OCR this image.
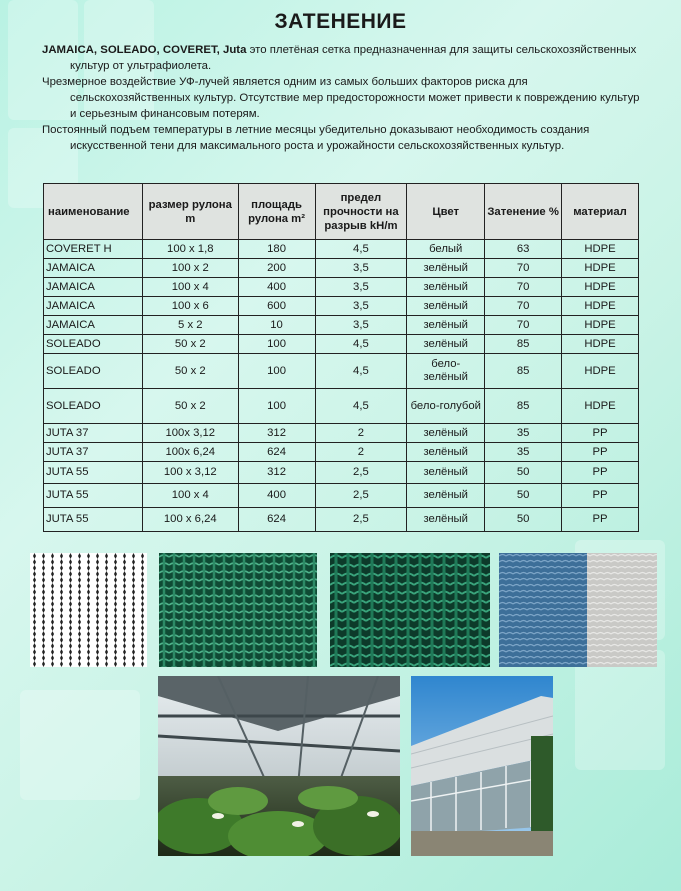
ЗАТЕНЕНИЕ

JAMAICA, SOLEADO, COVERET, Juta это плетёная сетка предназначенная для защиты сельскохозяйственных культур от ультрафиолета.

Чрезмерное воздействие УФ-лучей является одним из самых больших факторов риска для сельскохозяйственных культур. Отсутствие мер предосторожности может привести к повреждению культур и серьезным финансовым потерям.

Постоянный подъем температуры в летние месяцы убедительно доказывают необходимость создания искусственной тени для максимального роста и урожайности сельскохозяйственных культур.

наименование	размер рулона m	площадь рулона m²	предел прочности на разрыв kH/m	Цвет	Затенение %	материал
COVERET H	100 x 1,8	180	4,5	белый	63	HDPE
JAMAICA	100 x 2	200	3,5	зелёный	70	HDPE
JAMAICA	100 x 4	400	3,5	зелёный	70	HDPE
JAMAICA	100 x 6	600	3,5	зелёный	70	HDPE
JAMAICA	5 x 2	10	3,5	зелёный	70	HDPE
SOLEADO	50 x 2	100	4,5	зелёный	85	HDPE
SOLEADO	50 x 2	100	4,5	бело-зелёный	85	HDPE
SOLEADO	50 x 2	100	4,5	бело-голубой	85	HDPE
JUTA 37	100x 3,12	312	2	зелёный	35	PP
JUTA 37	100x 6,24	624	2	зелёный	35	PP
JUTA 55	100 x 3,12	312	2,5	зелёный	50	PP
JUTA 55	100 x 4	400	2,5	зелёный	50	PP
JUTA 55	100 x 6,24	624	2,5	зелёный	50	PP
